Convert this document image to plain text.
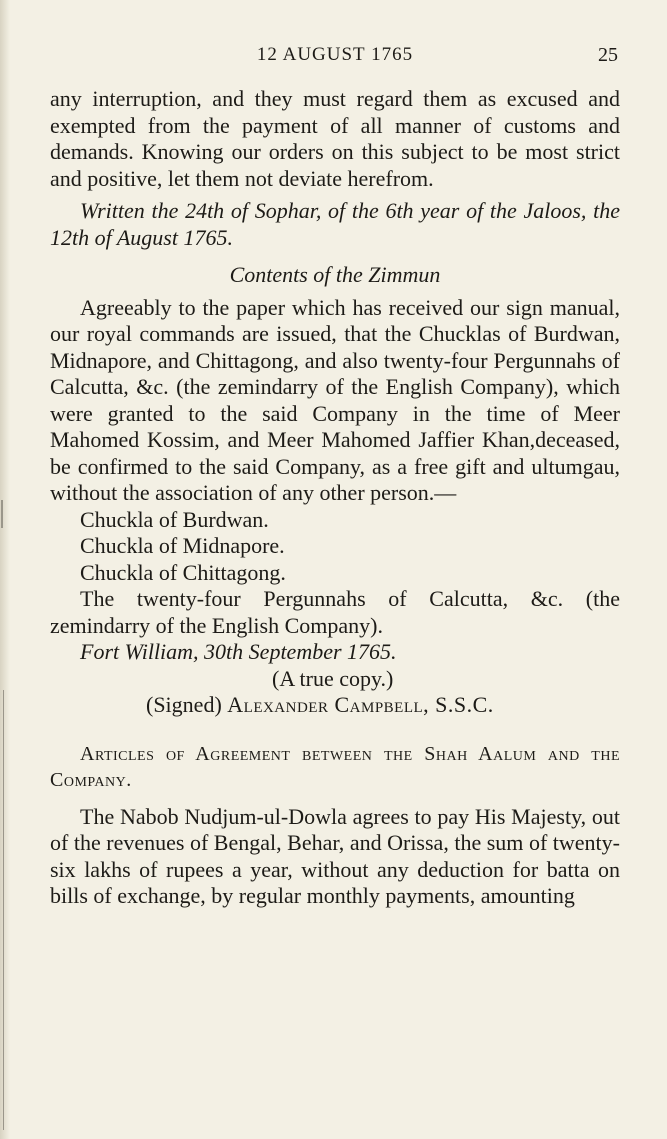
12 AUGUST 1765	25

any interruption, and they must regard them as excused and exempted from the payment of all manner of customs and demands. Knowing our orders on this subject to be most strict and positive, let them not deviate herefrom.

Written the 24th of Sophar, of the 6th year of the Jaloos, the 12th of August 1765.

Contents of the Zimmun

Agreeably to the paper which has received our sign manual, our royal commands are issued, that the Chucklas of Burdwan, Midnapore, and Chittagong, and also twenty-four Pergunnahs of Calcutta, &c. (the zemindarry of the English Company), which were granted to the said Company in the time of Meer Mahomed Kossim, and Meer Mahomed Jaffier Khan,deceased, be confirmed to the said Company, as a free gift and ultumgau, without the association of any other person.—

Chuckla of Burdwan.

Chuckla of Midnapore.

Chuckla of Chittagong.

The twenty-four Pergunnahs of Calcutta, &c. (the zemindarry of the English Company).

Fort William, 30th September 1765.

(A true copy.)

(Signed) Alexander Campbell, S.S.C.

Articles of Agreement between the Shah Aalum and the Company.

The Nabob Nudjum-ul-Dowla agrees to pay His Majesty, out of the revenues of Bengal, Behar, and Orissa, the sum of twenty-six lakhs of rupees a year, without any deduction for batta on bills of exchange, by regular monthly payments, amounting
